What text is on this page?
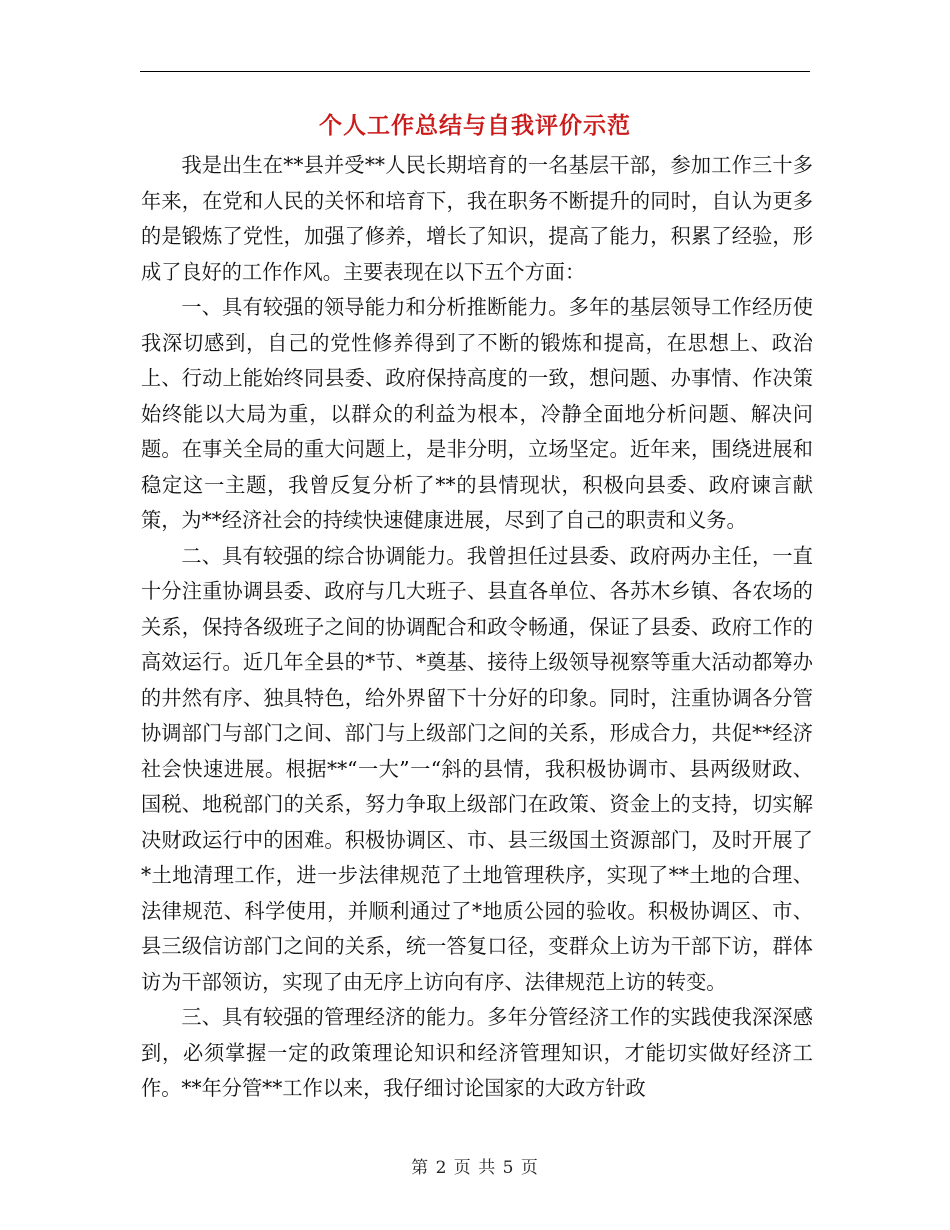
个人工作总结与自我评价示范

我是出生在**县并受**人民长期培育的一名基层干部，参加工作三十多年来，在党和人民的关怀和培育下，我在职务不断提升的同时，自认为更多的是锻炼了党性，加强了修养，增长了知识，提高了能力，积累了经验，形成了良好的工作作风。主要表现在以下五个方面：

一、具有较强的领导能力和分析推断能力。多年的基层领导工作经历使我深切感到，自己的党性修养得到了不断的锻炼和提高，在思想上、政治上、行动上能始终同县委、政府保持高度的一致，想问题、办事情、作决策始终能以大局为重，以群众的利益为根本，冷静全面地分析问题、解决问题。在事关全局的重大问题上，是非分明，立场坚定。近年来，围绕进展和稳定这一主题，我曾反复分析了**的县情现状，积极向县委、政府谏言献策，为**经济社会的持续快速健康进展，尽到了自己的职责和义务。

二、具有较强的综合协调能力。我曾担任过县委、政府两办主任，一直十分注重协调县委、政府与几大班子、县直各单位、各苏木乡镇、各农场的关系，保持各级班子之间的协调配合和政令畅通，保证了县委、政府工作的高效运行。近几年全县的*节、*奠基、接待上级领导视察等重大活动都筹办的井然有序、独具特色，给外界留下十分好的印象。同时，注重协调各分管协调部门与部门之间、部门与上级部门之间的关系，形成合力，共促**经济社会快速进展。根据**“一大”一“斜的县情，我积极协调市、县两级财政、国税、地税部门的关系，努力争取上级部门在政策、资金上的支持，切实解决财政运行中的困难。积极协调区、市、县三级国土资源部门，及时开展了*土地清理工作，进一步法律规范了土地管理秩序，实现了**土地的合理、法律规范、科学使用，并顺利通过了*地质公园的验收。积极协调区、市、县三级信访部门之间的关系，统一答复口径，变群众上访为干部下访，群体访为干部领访，实现了由无序上访向有序、法律规范上访的转变。

三、具有较强的管理经济的能力。多年分管经济工作的实践使我深深感到，必须掌握一定的政策理论知识和经济管理知识，才能切实做好经济工作。**年分管**工作以来，我仔细讨论国家的大政方针政

第 2 页 共 5 页
